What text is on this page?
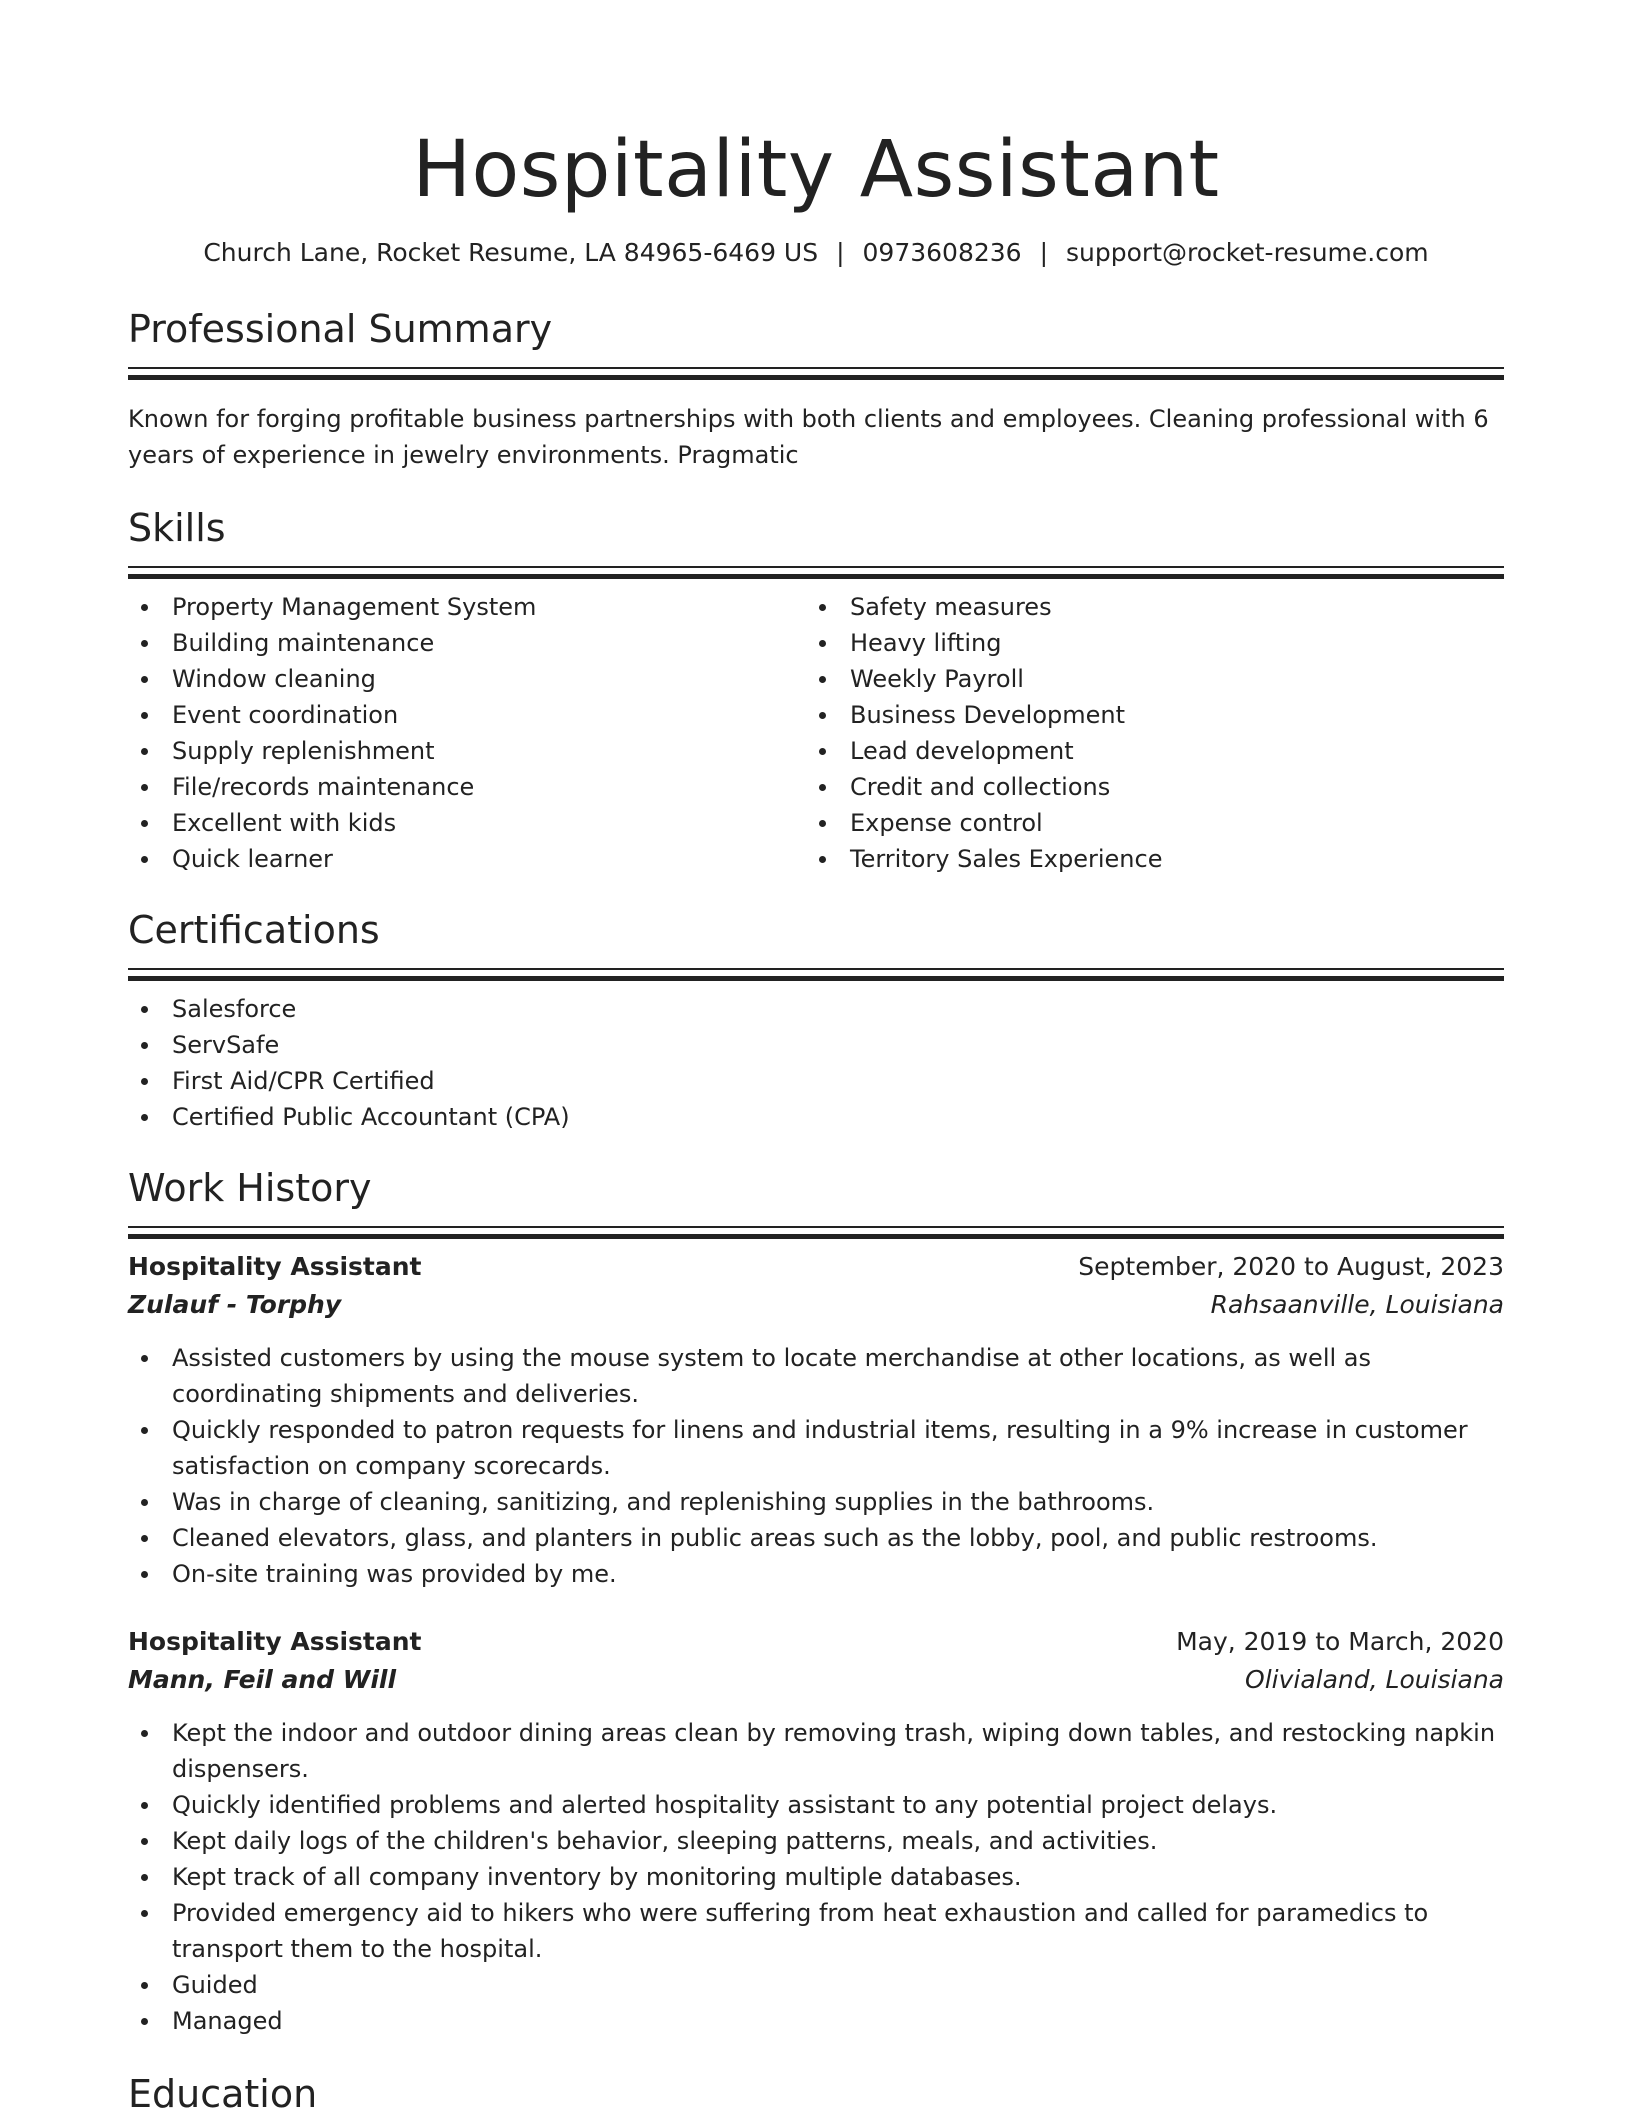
Hospitality Assistant
Church Lane, Rocket Resume, LA 84965-6469 US | 0973608236 | support@rocket-resume.com
Professional Summary

Known for forging profitable business partnerships with both clients and employees. Cleaning professional with 6 years of experience in jewelry environments. Pragmatic

Skills
Property Management System
Building maintenance
Window cleaning
Event coordination
Supply replenishment
File/records maintenance
Excellent with kids
Quick learner
Safety measures
Heavy lifting
Weekly Payroll
Business Development
Lead development
Credit and collections
Expense control
Territory Sales Experience
Certifications
Salesforce
ServSafe
First Aid/CPR Certified
Certified Public Accountant (CPA)
Work History
Hospitality Assistant	September, 2020 to August, 2023
Zulauf - Torphy	Rahsaanville, Louisiana
Assisted customers by using the mouse system to locate merchandise at other locations, as well as coordinating shipments and deliveries.
Quickly responded to patron requests for linens and industrial items, resulting in a 9% increase in customer satisfaction on company scorecards.
Was in charge of cleaning, sanitizing, and replenishing supplies in the bathrooms.
Cleaned elevators, glass, and planters in public areas such as the lobby, pool, and public restrooms.
On-site training was provided by me.
Hospitality Assistant	May, 2019 to March, 2020
Mann, Feil and Will	Olivialand, Louisiana
Kept the indoor and outdoor dining areas clean by removing trash, wiping down tables, and restocking napkin dispensers.
Quickly identified problems and alerted hospitality assistant to any potential project delays.
Kept daily logs of the children's behavior, sleeping patterns, meals, and activities.
Kept track of all company inventory by monitoring multiple databases.
Provided emergency aid to hikers who were suffering from heat exhaustion and called for paramedics to transport them to the hospital.
Guided
Managed
Education
